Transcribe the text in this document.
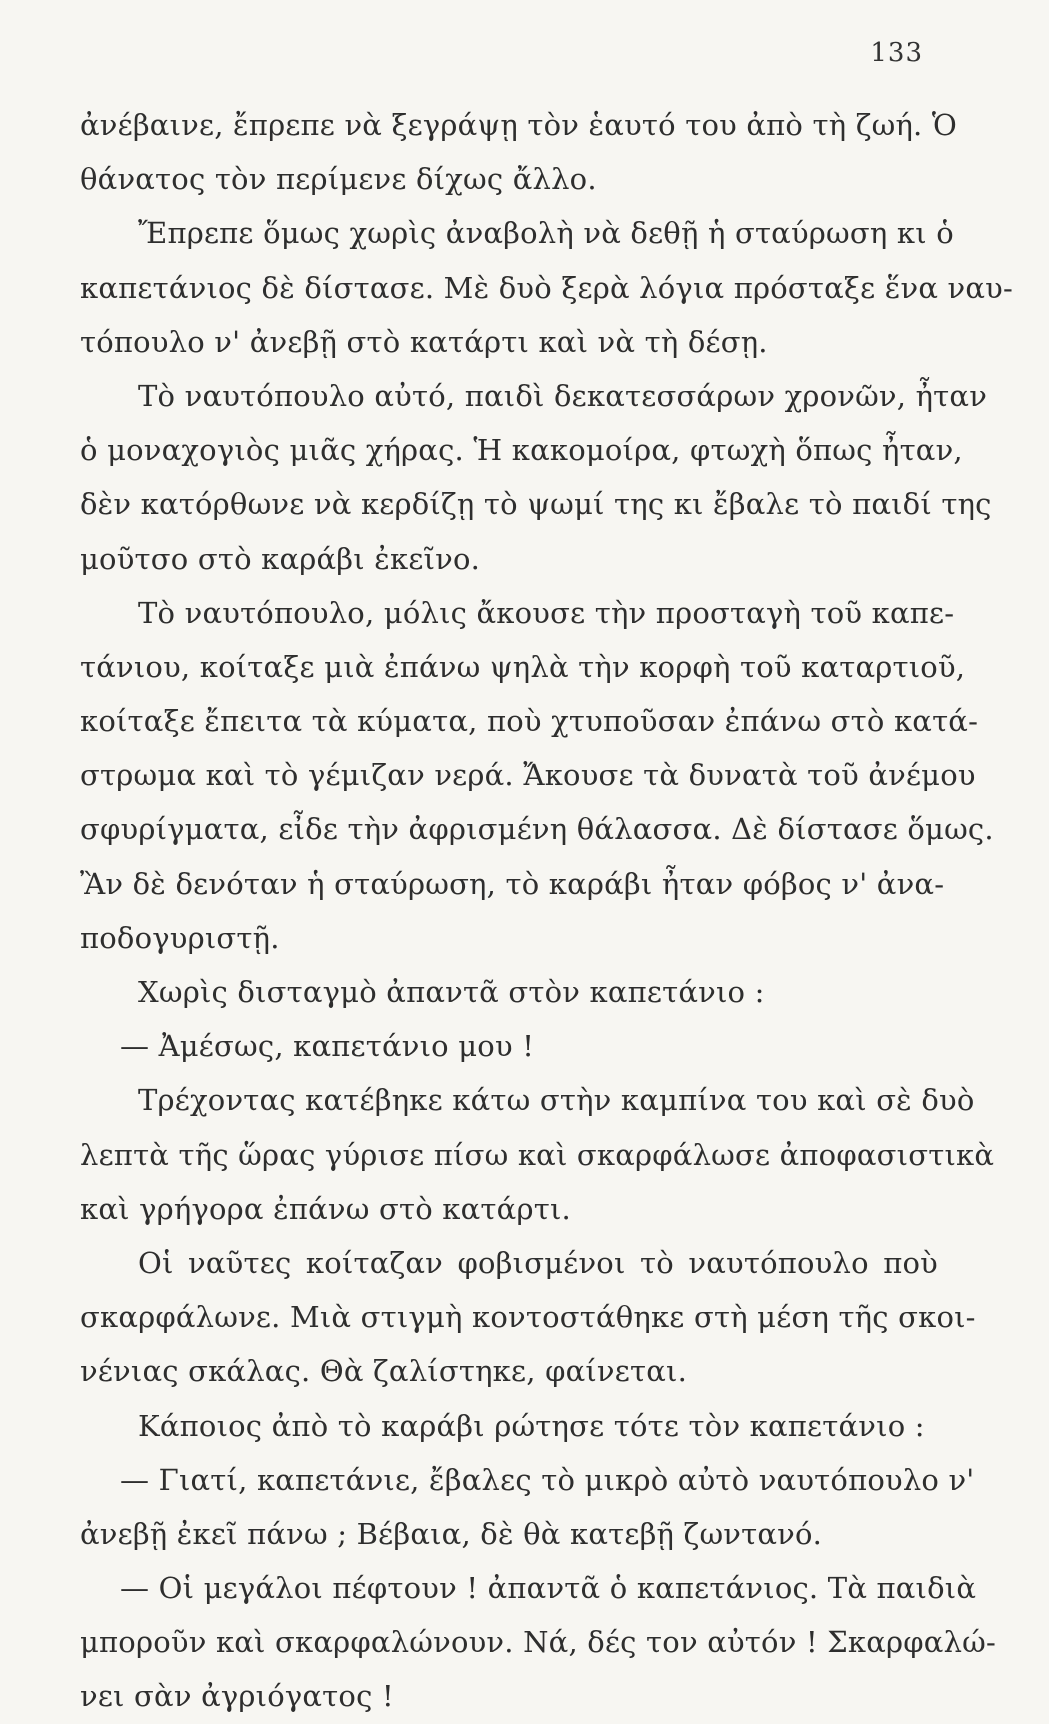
133
ἀνέβαινε, ἔπρεπε νὰ ξεγράψῃ τὸν ἑαυτό του ἀπὸ τὴ ζωή. Ὁ
θάνατος τὸν περίμενε δίχως ἄλλο.
Ἔπρεπε ὅμως χωρὶς ἀναβολὴ νὰ δεθῇ ἡ σταύρωση κι ὁ
καπετάνιος δὲ δίστασε. Μὲ δυὸ ξερὰ λόγια πρόσταξε ἕνα ναυ-
τόπουλο ν' ἀνεβῇ στὸ κατάρτι καὶ νὰ τὴ δέσῃ.
Τὸ ναυτόπουλο αὐτό, παιδὶ δεκατεσσάρων χρονῶν, ἦταν
ὁ μοναχογιὸς μιᾶς χήρας. Ἡ κακομοίρα, φτωχὴ ὅπως ἦταν,
δὲν κατόρθωνε νὰ κερδίζῃ τὸ ψωμί της κι ἔβαλε τὸ παιδί της
μοῦτσο στὸ καράβι ἐκεῖνο.
Τὸ ναυτόπουλο, μόλις ἄκουσε τὴν προσταγὴ τοῦ καπε-
τάνιου, κοίταξε μιὰ ἐπάνω ψηλὰ τὴν κορφὴ τοῦ καταρτιοῦ,
κοίταξε ἔπειτα τὰ κύματα, ποὺ χτυποῦσαν ἐπάνω στὸ κατά-
στρωμα καὶ τὸ γέμιζαν νερά. Ἄκουσε τὰ δυνατὰ τοῦ ἀνέμου
σφυρίγματα, εἶδε τὴν ἀφρισμένη θάλασσα. Δὲ δίστασε ὅμως.
Ἂν δὲ δενόταν ἡ σταύρωση, τὸ καράβι ἦταν φόβος ν' ἀνα-
ποδογυριστῇ.
Χωρὶς δισταγμὸ ἀπαντᾶ στὸν καπετάνιο :
— Ἀμέσως, καπετάνιο μου !
Τρέχοντας κατέβηκε κάτω στὴν καμπίνα του καὶ σὲ δυὸ
λεπτὰ τῆς ὥρας γύρισε πίσω καὶ σκαρφάλωσε ἀποφασιστικὰ
καὶ γρήγορα ἐπάνω στὸ κατάρτι.
Οἱ ναῦτες κοίταζαν φοβισμένοι τὸ ναυτόπουλο ποὺ
σκαρφάλωνε. Μιὰ στιγμὴ κοντοστάθηκε στὴ μέση τῆς σκοι-
νένιας σκάλας. Θὰ ζαλίστηκε, φαίνεται.
Κάποιος ἀπὸ τὸ καράβι ρώτησε τότε τὸν καπετάνιο :
— Γιατί, καπετάνιε, ἔβαλες τὸ μικρὸ αὐτὸ ναυτόπουλο ν'
ἀνεβῇ ἐκεῖ πάνω ; Βέβαια, δὲ θὰ κατεβῇ ζωντανό.
— Οἱ μεγάλοι πέφτουν ! ἀπαντᾶ ὁ καπετάνιος. Τὰ παιδιὰ
μποροῦν καὶ σκαρφαλώνουν. Νά, δές τον αὐτόν ! Σκαρφαλώ-
νει σὰν ἀγριόγατος !
